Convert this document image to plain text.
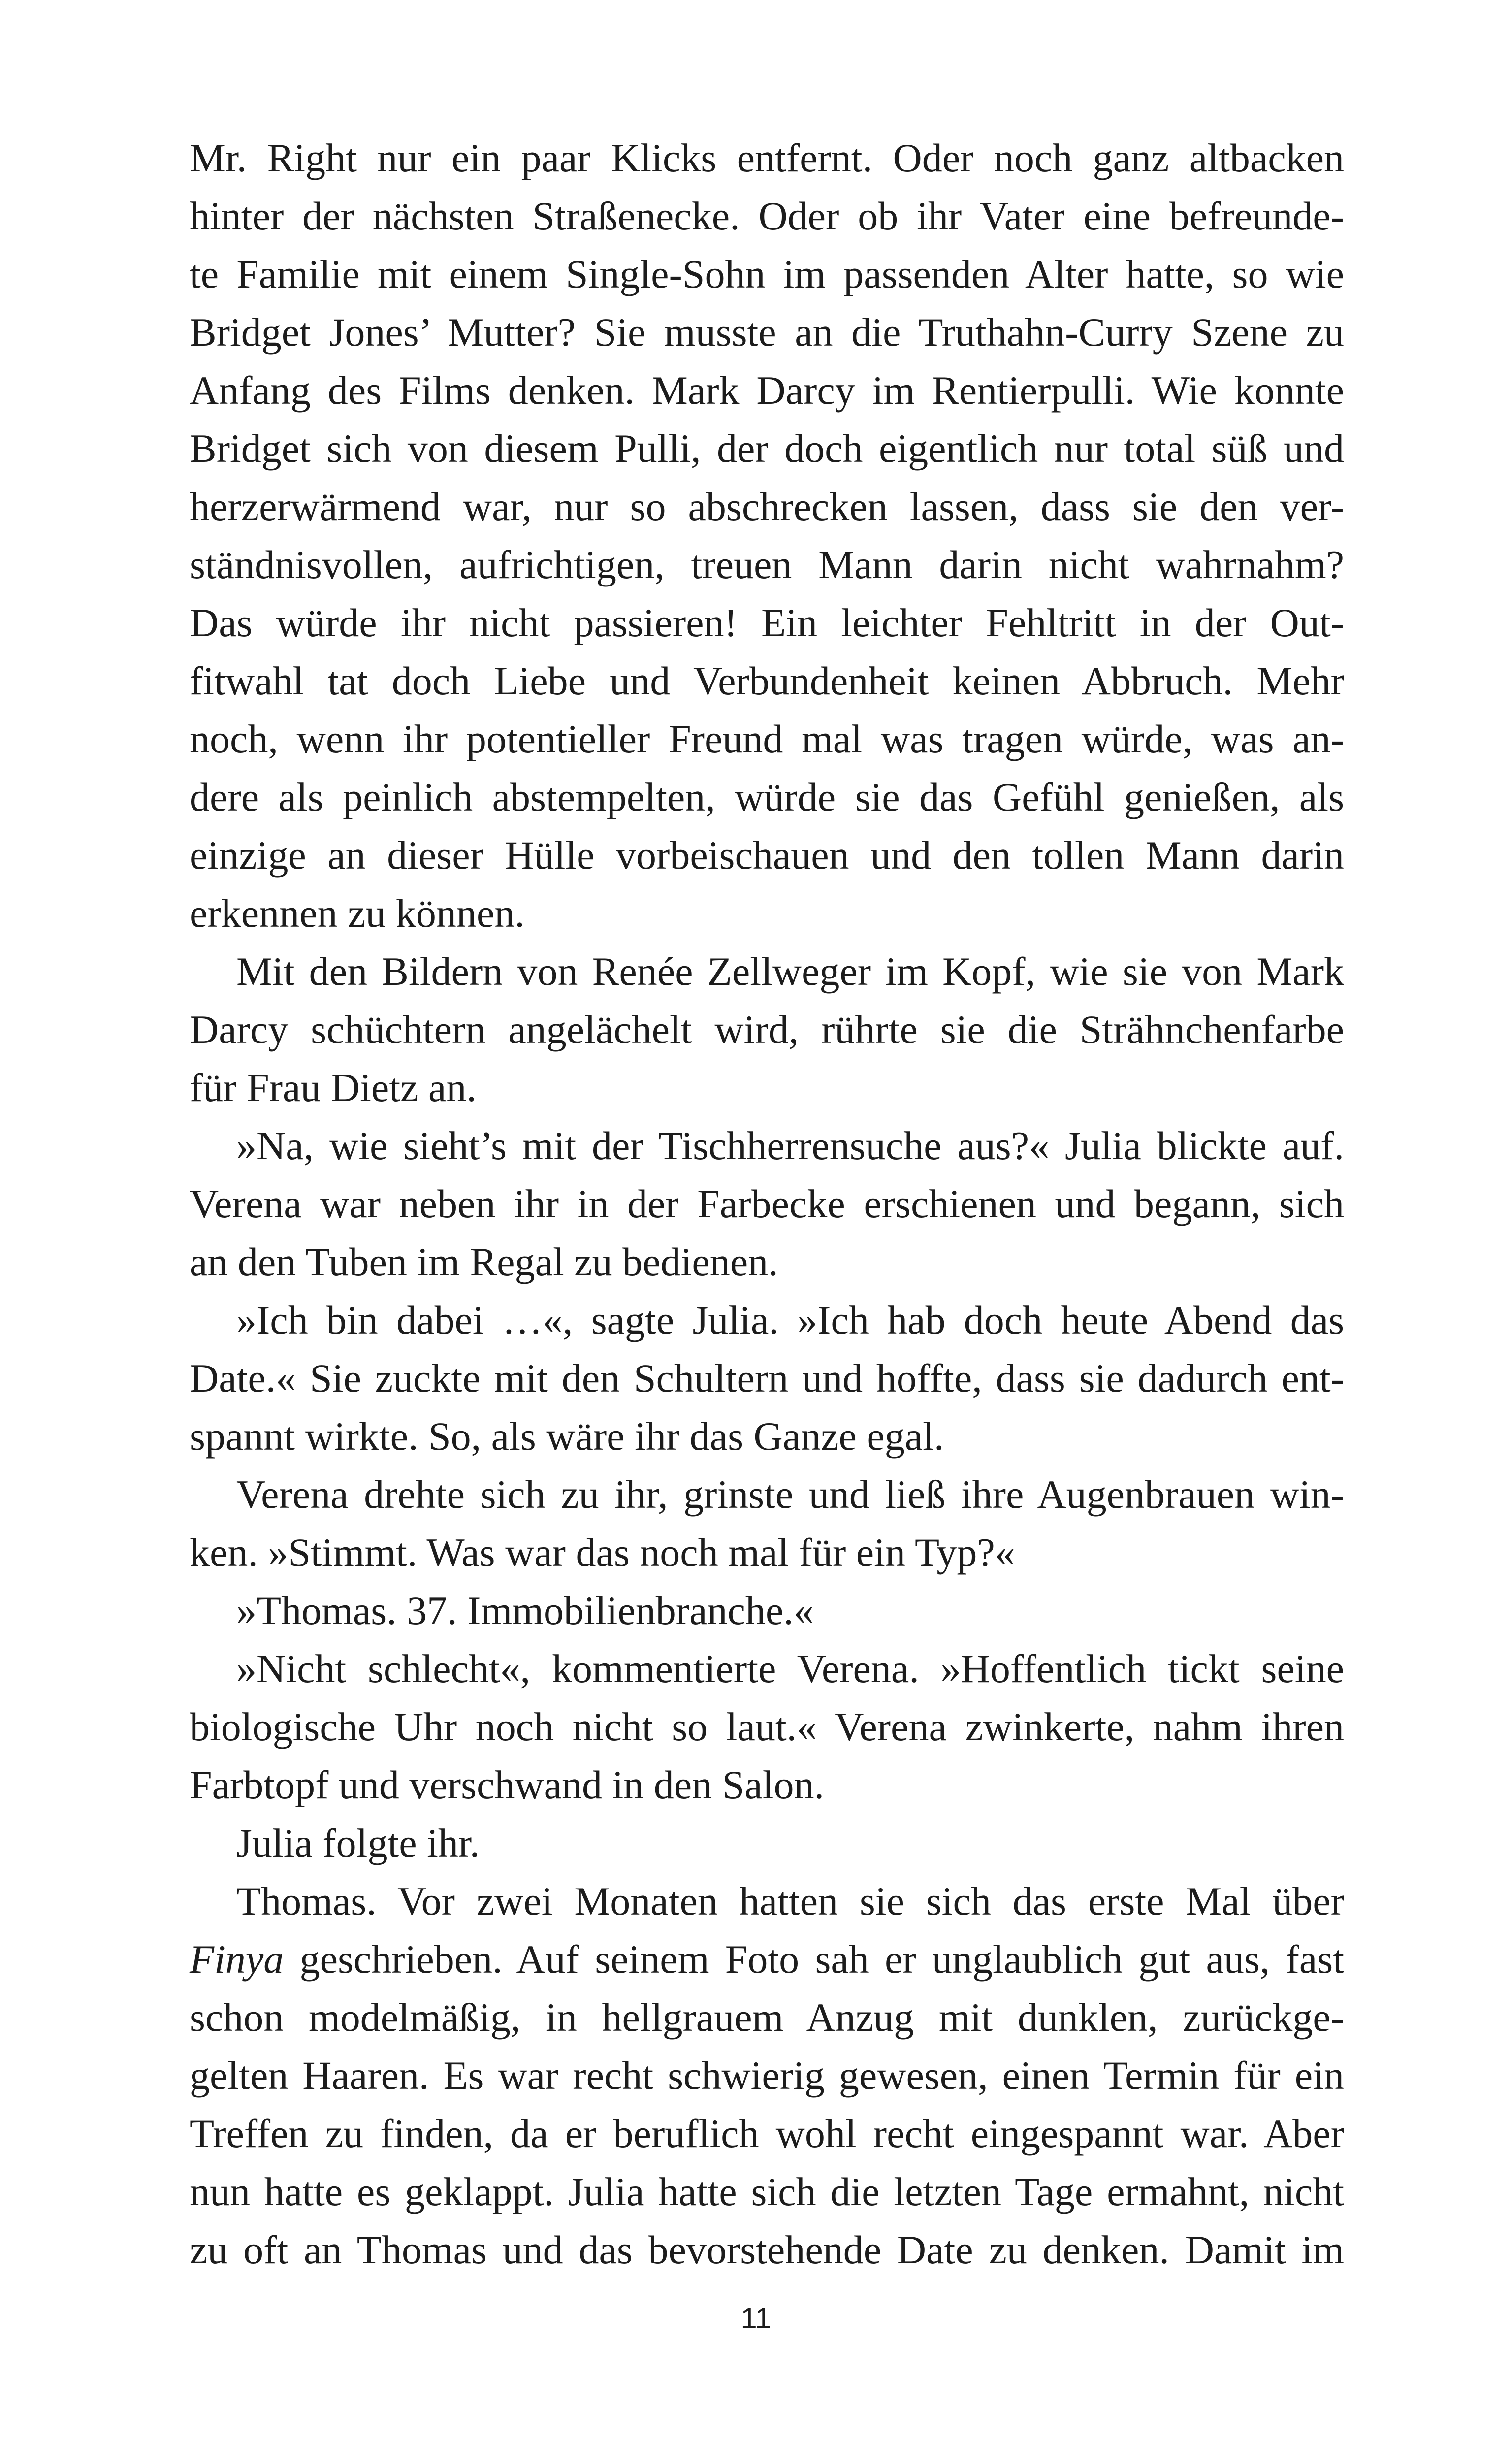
Mr. Right nur ein paar Klicks entfernt. Oder noch ganz altbacken
hinter der nächsten Straßenecke. Oder ob ihr Vater eine befreunde-
te Familie mit einem Single-Sohn im passenden Alter hatte, so wie
Bridget Jones’ Mutter? Sie musste an die Truthahn-Curry Szene zu
Anfang des Films denken. Mark Darcy im Rentierpulli. Wie konnte
Bridget sich von diesem Pulli, der doch eigentlich nur total süß und
herzerwärmend war, nur so abschrecken lassen, dass sie den ver-
ständnisvollen, aufrichtigen, treuen Mann darin nicht wahrnahm?
Das würde ihr nicht passieren! Ein leichter Fehltritt in der Out-
fitwahl tat doch Liebe und Verbundenheit keinen Abbruch. Mehr
noch, wenn ihr potentieller Freund mal was tragen würde, was an-
dere als peinlich abstempelten, würde sie das Gefühl genießen, als
einzige an dieser Hülle vorbeischauen und den tollen Mann darin
erkennen zu können.
Mit den Bildern von Renée Zellweger im Kopf, wie sie von Mark
Darcy schüchtern angelächelt wird, rührte sie die Strähnchenfarbe
für Frau Dietz an.
»Na, wie sieht’s mit der Tischherrensuche aus?« Julia blickte auf.
Verena war neben ihr in der Farbecke erschienen und begann, sich
an den Tuben im Regal zu bedienen.
»Ich bin dabei …«, sagte Julia. »Ich hab doch heute Abend das
Date.« Sie zuckte mit den Schultern und hoffte, dass sie dadurch ent-
spannt wirkte. So, als wäre ihr das Ganze egal.
Verena drehte sich zu ihr, grinste und ließ ihre Augenbrauen win-
ken. »Stimmt. Was war das noch mal für ein Typ?«
»Thomas. 37. Immobilienbranche.«
»Nicht schlecht«, kommentierte Verena. »Hoffentlich tickt seine
biologische Uhr noch nicht so laut.« Verena zwinkerte, nahm ihren
Farbtopf und verschwand in den Salon.
Julia folgte ihr.
Thomas. Vor zwei Monaten hatten sie sich das erste Mal über
Finya geschrieben. Auf seinem Foto sah er unglaublich gut aus, fast
schon modelmäßig, in hellgrauem Anzug mit dunklen, zurückge-
gelten Haaren. Es war recht schwierig gewesen, einen Termin für ein
Treffen zu finden, da er beruflich wohl recht eingespannt war. Aber
nun hatte es geklappt. Julia hatte sich die letzten Tage ermahnt, nicht
zu oft an Thomas und das bevorstehende Date zu denken. Damit im
11
